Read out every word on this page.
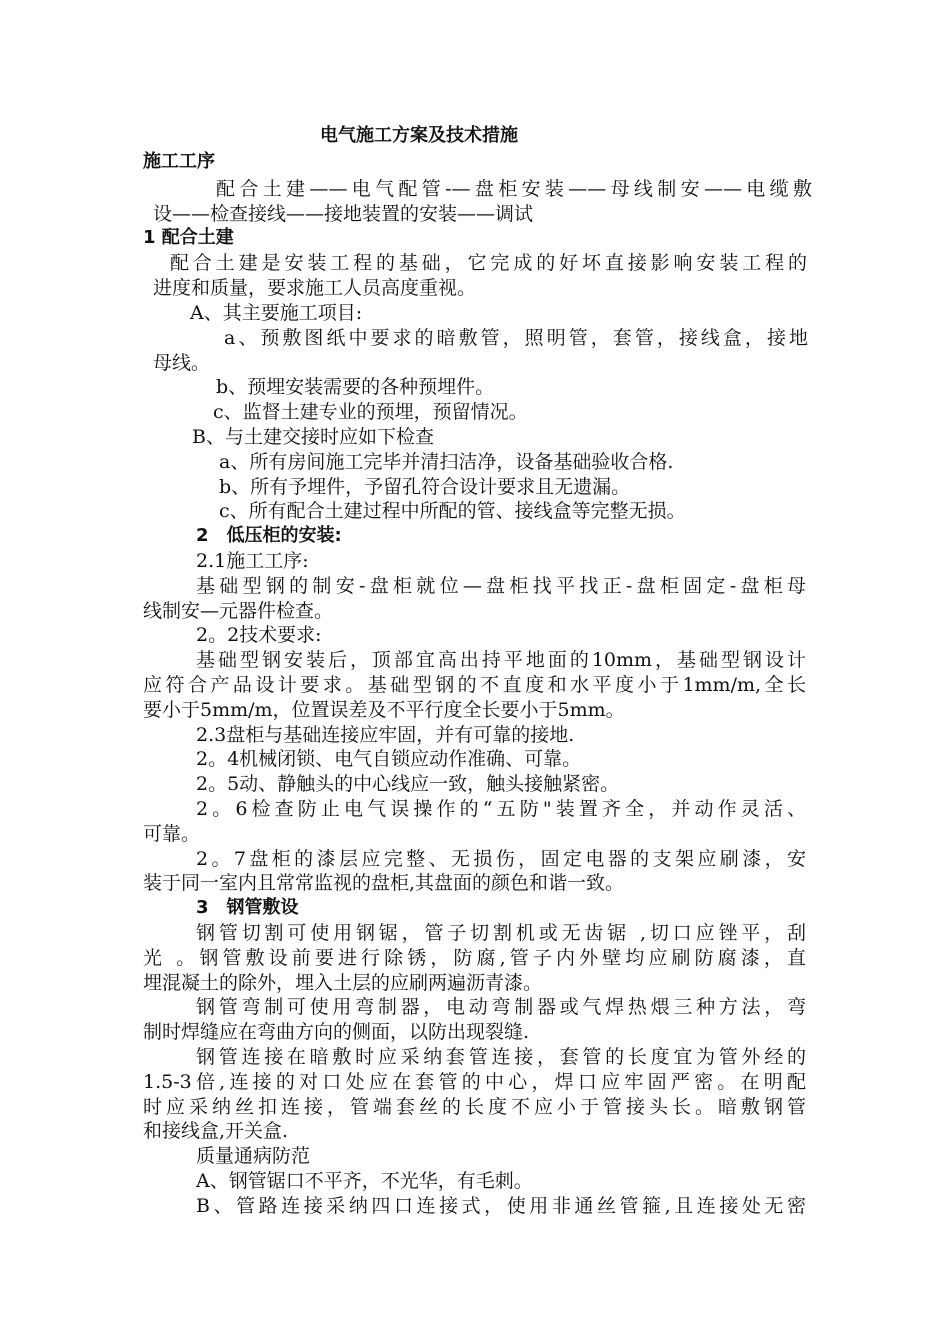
电气施工方案及技术措施
施工工序
配合土建——电气配管-—盘柜安装——母线制安——电缆敷
设——检查接线——接地装置的安装——调试
1 配合土建
配合土建是安装工程的基础，它完成的好坏直接影响安装工程的
进度和质量，要求施工人员高度重视。
A、其主要施工项目:
a、预敷图纸中要求的暗敷管，照明管，套管，接线盒，接地
母线。
b、预埋安装需要的各种预埋件。
c、监督土建专业的预埋，预留情况。
B、与土建交接时应如下检查
a、所有房间施工完毕并清扫洁净，设备基础验收合格.
b、所有予埋件，予留孔符合设计要求且无遗漏。
c、所有配合土建过程中所配的管、接线盒等完整无损。
2　低压柜的安装:
2.1施工工序:
基础型钢的制安-盘柜就位—盘柜找平找正-盘柜固定-盘柜母
线制安—元器件检查。
2。2技术要求:
基础型钢安装后，顶部宜高出持平地面的10mm，基础型钢设计
应符合产品设计要求。基础型钢的不直度和水平度小于1mm/m,全长
要小于5mm/m，位置误差及不平行度全长要小于5mm。
2.3盘柜与基础连接应牢固，并有可靠的接地.
2。4机械闭锁、电气自锁应动作准确、可靠。
2。5动、静触头的中心线应一致，触头接触紧密。
2。6检查防止电气误操作的“五防"装置齐全，并动作灵活、
可靠。
2。7盘柜的漆层应完整、无损伤，固定电器的支架应刷漆，安
装于同一室内且常常监视的盘柜,其盘面的颜色和谐一致。
3　钢管敷设
钢管切割可使用钢锯，管子切割机或无齿锯 ,切口应锉平，刮
光 。钢管敷设前要进行除锈，防腐,管子内外壁均应刷防腐漆，直
埋混凝土的除外，埋入土层的应刷两遍沥青漆。
钢管弯制可使用弯制器，电动弯制器或气焊热煨三种方法，弯
制时焊缝应在弯曲方向的侧面，以防出现裂缝.
钢管连接在暗敷时应采纳套管连接，套管的长度宜为管外经的
1.5-3倍,连接的对口处应在套管的中心，焊口应牢固严密。在明配
时应采纳丝扣连接，管端套丝的长度不应小于管接头长。暗敷钢管
和接线盒,开关盒.
质量通病防范
A、钢管锯口不平齐，不光华，有毛刺。
B、管路连接采纳四口连接式，使用非通丝管箍,且连接处无密
